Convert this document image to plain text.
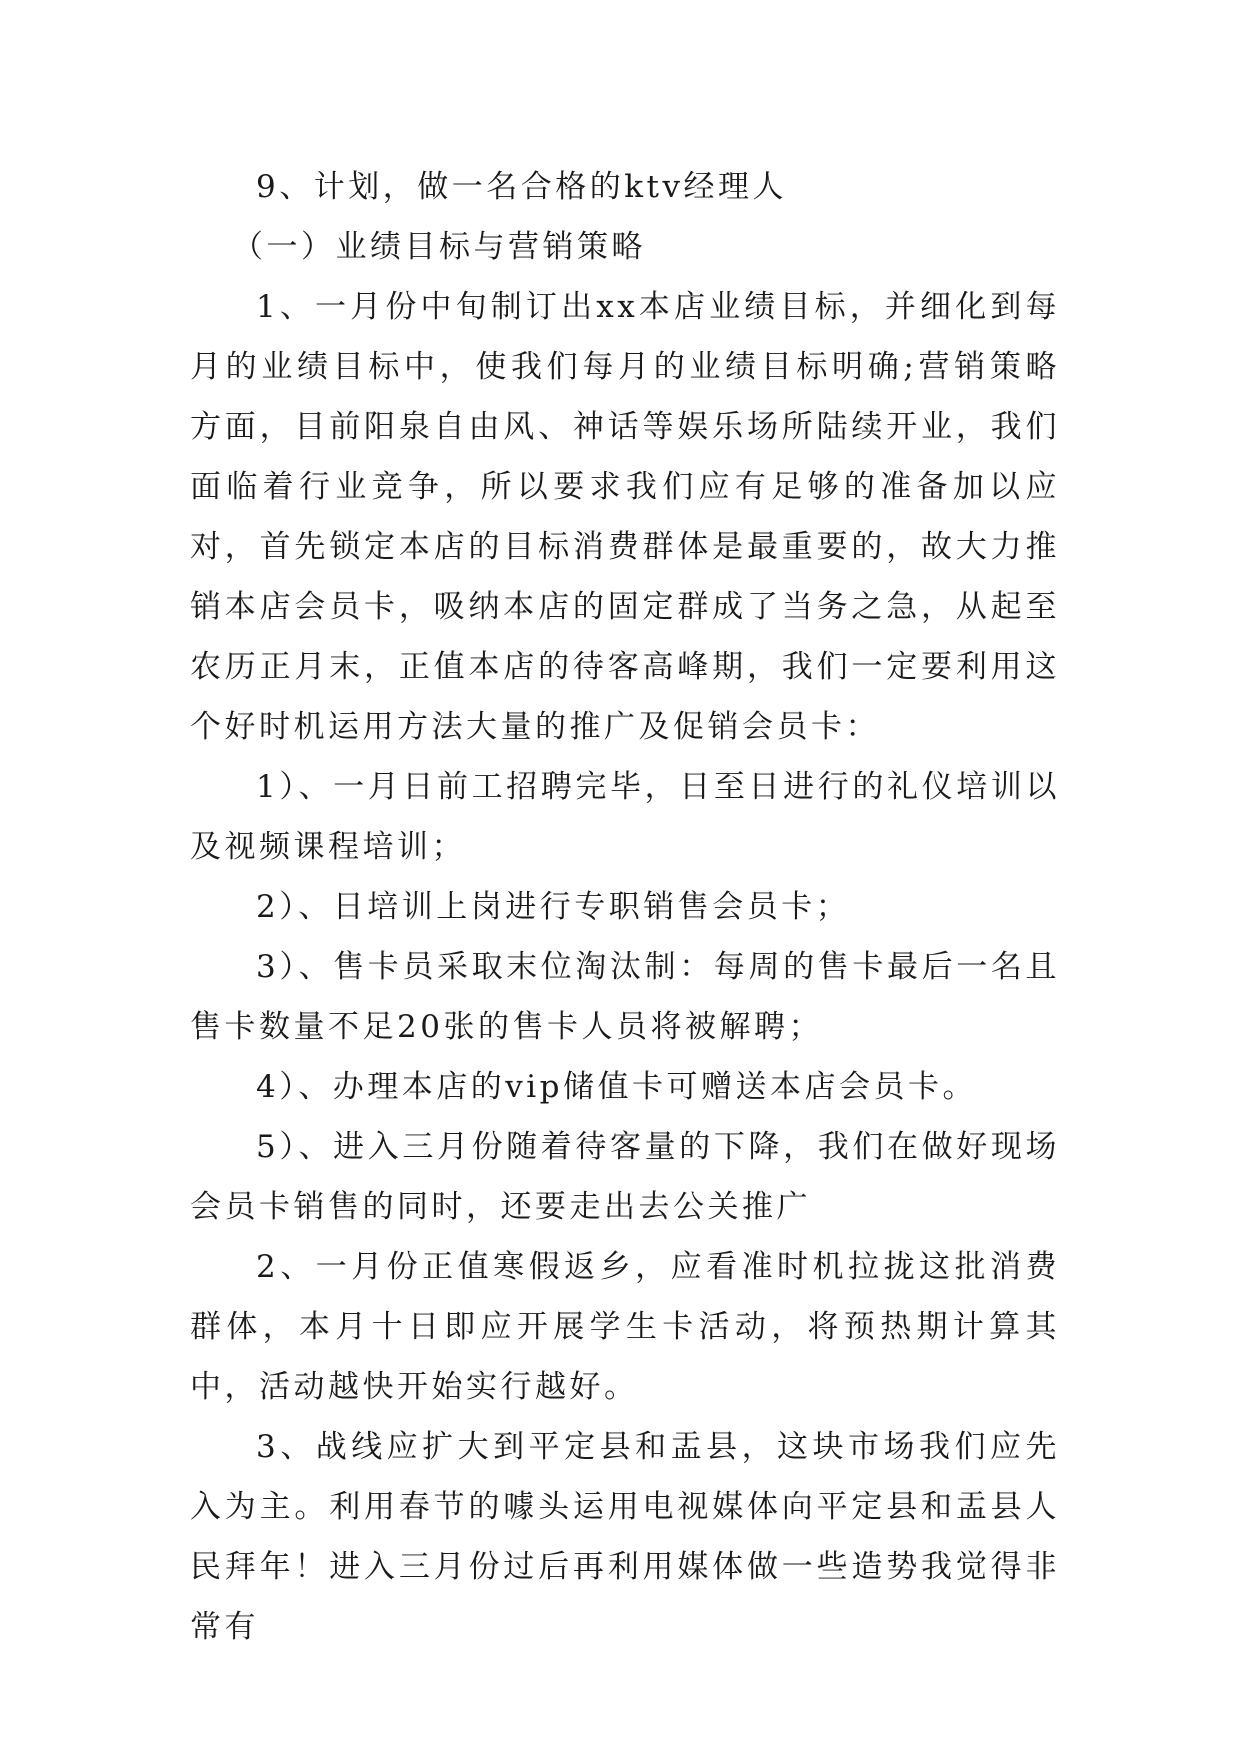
9、计划，做一名合格的ktv经理人

（一）业绩目标与营销策略

1、一月份中旬制订出xx本店业绩目标，并细化到每月的业绩目标中，使我们每月的业绩目标明确;营销策略方面，目前阳泉自由风、神话等娱乐场所陆续开业，我们面临着行业竞争，所以要求我们应有足够的准备加以应对，首先锁定本店的目标消费群体是最重要的，故大力推销本店会员卡，吸纳本店的固定群成了当务之急，从起至农历正月末，正值本店的待客高峰期，我们一定要利用这个好时机运用方法大量的推广及促销会员卡：

1）、一月日前工招聘完毕，日至日进行的礼仪培训以及视频课程培训；

2）、日培训上岗进行专职销售会员卡；

3）、售卡员采取末位淘汰制：每周的售卡最后一名且售卡数量不足20张的售卡人员将被解聘；

4）、办理本店的vip储值卡可赠送本店会员卡。

5）、进入三月份随着待客量的下降，我们在做好现场会员卡销售的同时，还要走出去公关推广

2、一月份正值寒假返乡，应看准时机拉拢这批消费群体，本月十日即应开展学生卡活动，将预热期计算其中，活动越快开始实行越好。

3、战线应扩大到平定县和盂县，这块市场我们应先入为主。利用春节的噱头运用电视媒体向平定县和盂县人民拜年！进入三月份过后再利用媒体做一些造势我觉得非常有
